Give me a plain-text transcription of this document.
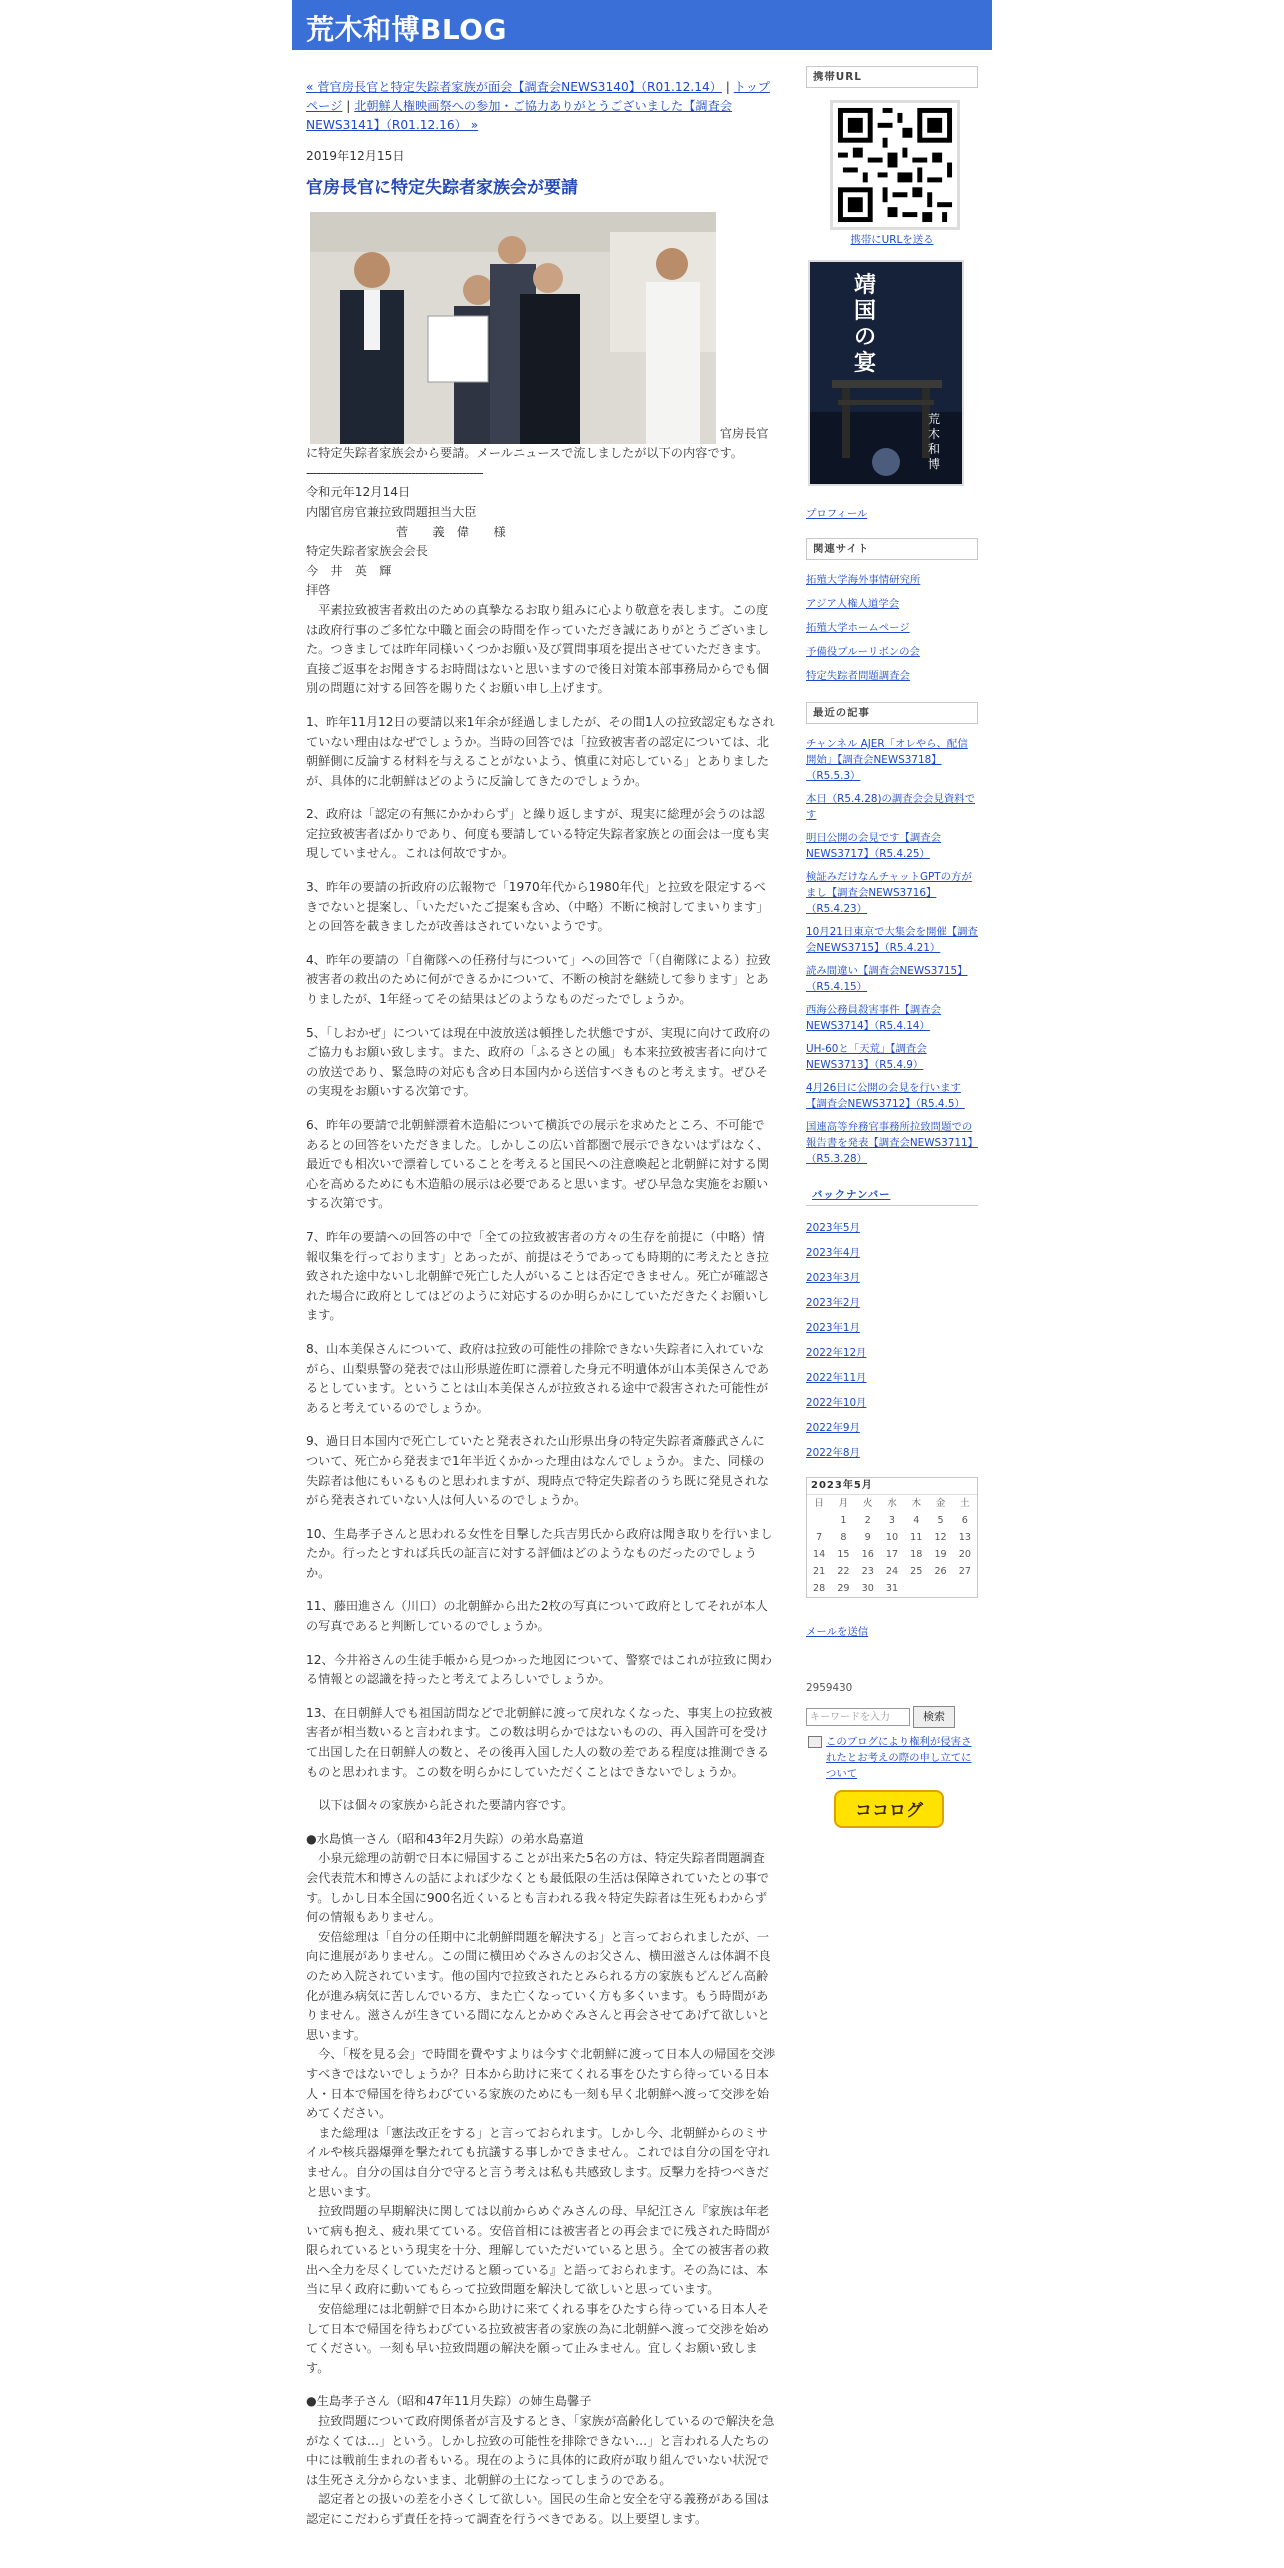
荒木和博BLOG
« 菅官房長官と特定失踪者家族が面会【調査会NEWS3140】（R01.12.14） | トップページ | 北朝鮮人権映画祭への参加・ご協力ありがとうございました【調査会NEWS3141】（R01.12.16） »
2019年12月15日
官房長官に特定失踪者家族会が要請
官房長官に特定失踪者家族会から要請。メールニュースで流しましたが以下の内容です。

----------------------------------------------------

令和元年12月14日

内閣官房官兼拉致問題担当大臣

菅　　義　偉　　様

特定失踪者家族会会長

今　井　英　輝

拝啓

　平素拉致被害者救出のための真摯なるお取り組みに心より敬意を表します。この度は政府行事のご多忙な中職と面会の時間を作っていただき誠にありがとうございました。つきましては昨年同様いくつかお願い及び質問事項を提出させていただきます。直接ご返事をお聞きするお時間はないと思いますので後日対策本部事務局からでも個別の問題に対する回答を賜りたくお願い申し上げます。

1、昨年11月12日の要請以来1年余が経過しましたが、その間1人の拉致認定もなされていない理由はなぜでしょうか。当時の回答では「拉致被害者の認定については、北朝鮮側に反論する材料を与えることがないよう、慎重に対応している」とありましたが、具体的に北朝鮮はどのように反論してきたのでしょうか。

2、政府は「認定の有無にかかわらず」と繰り返しますが、現実に総理が会うのは認定拉致被害者ばかりであり、何度も要請している特定失踪者家族との面会は一度も実現していません。これは何故ですか。

3、昨年の要請の折政府の広報物で「1970年代から1980年代」と拉致を限定するべきでないと提案し、「いただいたご提案も含め、（中略）不断に検討してまいります」との回答を載きましたが改善はされていないようです。

4、昨年の要請の「自衛隊への任務付与について」への回答で「（自衛隊による）拉致被害者の救出のために何ができるかについて、不断の検討を継続して参ります」とありましたが、1年経ってその結果はどのようなものだったでしょうか。

5、「しおかぜ」については現在中波放送は頓挫した状態ですが、実現に向けて政府のご協力もお願い致します。また、政府の「ふるさとの風」も本来拉致被害者に向けての放送であり、緊急時の対応も含め日本国内から送信すべきものと考えます。ぜひその実現をお願いする次第です。

6、昨年の要請で北朝鮮漂着木造船について横浜での展示を求めたところ、不可能であるとの回答をいただきました。しかしこの広い首都圏で展示できないはずはなく、最近でも相次いで漂着していることを考えると国民への注意喚起と北朝鮮に対する関心を高めるためにも木造船の展示は必要であると思います。ぜひ早急な実施をお願いする次第です。

7、昨年の要請への回答の中で「全ての拉致被害者の方々の生存を前提に（中略）情報収集を行っております」とあったが、前提はそうであっても時期的に考えたとき拉致された途中ないし北朝鮮で死亡した人がいることは否定できません。死亡が確認された場合に政府としてはどのように対応するのか明らかにしていただきたくお願いします。

8、山本美保さんについて、政府は拉致の可能性の排除できない失踪者に入れていながら、山梨県警の発表では山形県遊佐町に漂着した身元不明遺体が山本美保さんであるとしています。ということは山本美保さんが拉致される途中で殺害された可能性があると考えているのでしょうか。

9、過日日本国内で死亡していたと発表された山形県出身の特定失踪者斎藤武さんについて、死亡から発表まで1年半近くかかった理由はなんでしょうか。また、同様の失踪者は他にもいるものと思われますが、現時点で特定失踪者のうち既に発見されながら発表されていない人は何人いるのでしょうか。

10、生島孝子さんと思われる女性を目撃した兵吉男氏から政府は聞き取りを行いましたか。行ったとすれば兵氏の証言に対する評価はどのようなものだったのでしょうか。

11、藤田進さん（川口）の北朝鮮から出た2枚の写真について政府としてそれが本人の写真であると判断しているのでしょうか。

12、今井裕さんの生徒手帳から見つかった地図について、警察ではこれが拉致に関わる情報との認識を持ったと考えてよろしいでしょうか。

13、在日朝鮮人でも祖国訪問などで北朝鮮に渡って戻れなくなった、事実上の拉致被害者が相当数いると言われます。この数は明らかではないものの、再入国許可を受けて出国した在日朝鮮人の数と、その後再入国した人の数の差である程度は推測できるものと思われます。この数を明らかにしていただくことはできないでしょうか。

　以下は個々の家族から託された要請内容です。

●水島慎一さん（昭和43年2月失踪）の弟水島嘉道

　小泉元総理の訪朝で日本に帰国することが出来た5名の方は、特定失踪者問題調査会代表荒木和博さんの話によれば少なくとも最低限の生活は保障されていたとの事です。しかし日本全国に900名近くいるとも言われる我々特定失踪者は生死もわからず何の情報もありません。
　安倍総理は「自分の任期中に北朝鮮問題を解決する」と言っておられましたが、一向に進展がありません。この間に横田めぐみさんのお父さん、横田滋さんは体調不良のため入院されています。他の国内で拉致されたとみられる方の家族もどんどん高齢化が進み病気に苦しんでいる方、また亡くなっていく方も多くいます。もう時間がありません。滋さんが生きている間になんとかめぐみさんと再会させてあげて欲しいと思います。
　今、「桜を見る会」で時間を費やすよりは今すぐ北朝鮮に渡って日本人の帰国を交渉すべきではないでしょうか？日本から助けに来てくれる事をひたすら待っている日本人・日本で帰国を待ちわびている家族のためにも一刻も早く北朝鮮へ渡って交渉を始めてください。
　また総理は「憲法改正をする」と言っておられます。しかし今、北朝鮮からのミサイルや核兵器爆弾を撃たれても抗議する事しかできません。これでは自分の国を守れません。自分の国は自分で守ると言う考えは私も共感致します。反撃力を持つべきだと思います。
　拉致問題の早期解決に関しては以前からめぐみさんの母、早紀江さん『家族は年老いて病も抱え、疲れ果てている。安倍首相には被害者との再会までに残された時間が限られているという現実を十分、理解していただいていると思う。全ての被害者の救出へ全力を尽くしていただけると願っている』と語っておられます。その為には、本当に早く政府に動いてもらって拉致問題を解決して欲しいと思っています。
　安倍総理には北朝鮮で日本から助けに来てくれる事をひたすら待っている日本人そして日本で帰国を待ちわびている拉致被害者の家族の為に北朝鮮へ渡って交渉を始めてください。一刻も早い拉致問題の解決を願って止みません。宜しくお願い致します。

●生島孝子さん（昭和47年11月失踪）の姉生島馨子

　拉致問題について政府関係者が言及するとき、「家族が高齢化しているので解決を急がなくては…」という。しかし拉致の可能性を排除できない…」と言われる人たちの中には戦前生まれの者もいる。現在のように具体的に政府が取り組んでいない状況では生死さえ分からないまま、北朝鮮の土になってしまうのである。
　認定者との扱いの差を小さくして欲しい。国民の生命と安全を守る義務がある国は認定にこだわらず責任を持って調査を行うべきである。以上要望します。

携帯URL
携帯にURLを送る
靖国の宴
荒木和博
プロフィール
関連サイト
拓殖大学海外事情研究所
アジア人権人道学会
拓殖大学ホームページ
予備役ブルーリボンの会
特定失踪者問題調査会
最近の記事
チャンネル AJER「オレやら、配信開始」【調査会NEWS3718】（R5.5.3）
本日（R5.4.28)の調査会会見資料です
明日公開の会見です【調査会NEWS3717】（R5.4.25）
検証みだけなんチャットGPTの方がまし【調査会NEWS3716】（R5.4.23）
10月21日東京で大集会を開催【調査会NEWS3715】（R5.4.21）
読み間違い【調査会NEWS3715】（R5.4.15）
西海公務員殺害事件【調査会NEWS3714】（R5.4.14）
UH-60と「天荒」【調査会NEWS3713】（R5.4.9）
4月26日に公開の会見を行います【調査会NEWS3712】（R5.4.5）
国連高等弁務官事務所拉致問題での報告書を発表【調査会NEWS3711】（R5.3.28）
バックナンバー
2023年5月
2023年4月
2023年3月
2023年2月
2023年1月
2022年12月
2022年11月
2022年10月
2022年9月
2022年8月
2023年5月
日	月	火	水	木	金	土
	1	2	3	4	5	6
7	8	9	10	11	12	13
14	15	16	17	18	19	20
21	22	23	24	25	26	27
28	29	30	31			
メールを送信
2959430
キーワードを入力	検索
このブログにより権利が侵害されたとお考えの際の申し立てについて
ココログ
